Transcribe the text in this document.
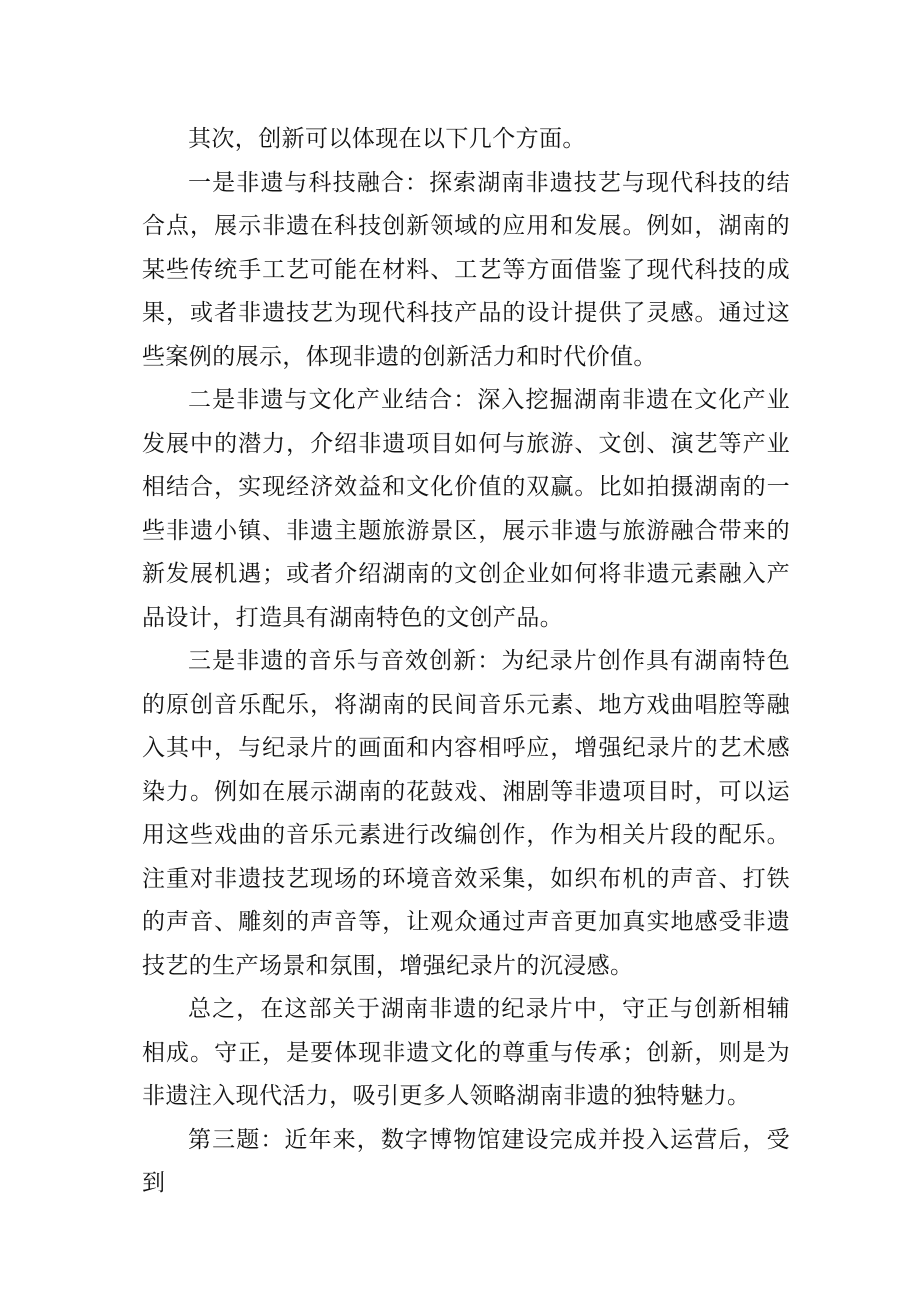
其次，创新可以体现在以下几个方面。

一是非遗与科技融合：探索湖南非遗技艺与现代科技的结合点，展示非遗在科技创新领域的应用和发展。例如，湖南的某些传统手工艺可能在材料、工艺等方面借鉴了现代科技的成果，或者非遗技艺为现代科技产品的设计提供了灵感。通过这些案例的展示，体现非遗的创新活力和时代价值。

二是非遗与文化产业结合：深入挖掘湖南非遗在文化产业发展中的潜力，介绍非遗项目如何与旅游、文创、演艺等产业相结合，实现经济效益和文化价值的双赢。比如拍摄湖南的一些非遗小镇、非遗主题旅游景区，展示非遗与旅游融合带来的新发展机遇；或者介绍湖南的文创企业如何将非遗元素融入产品设计，打造具有湖南特色的文创产品。

三是非遗的音乐与音效创新：为纪录片创作具有湖南特色的原创音乐配乐，将湖南的民间音乐元素、地方戏曲唱腔等融入其中，与纪录片的画面和内容相呼应，增强纪录片的艺术感染力。例如在展示湖南的花鼓戏、湘剧等非遗项目时，可以运用这些戏曲的音乐元素进行改编创作，作为相关片段的配乐。注重对非遗技艺现场的环境音效采集，如织布机的声音、打铁的声音、雕刻的声音等，让观众通过声音更加真实地感受非遗技艺的生产场景和氛围，增强纪录片的沉浸感。

总之，在这部关于湖南非遗的纪录片中，守正与创新相辅相成。守正，是要体现非遗文化的尊重与传承；创新，则是为非遗注入现代活力，吸引更多人领略湖南非遗的独特魅力。

第三题：近年来，数字博物馆建设完成并投入运营后，受到
